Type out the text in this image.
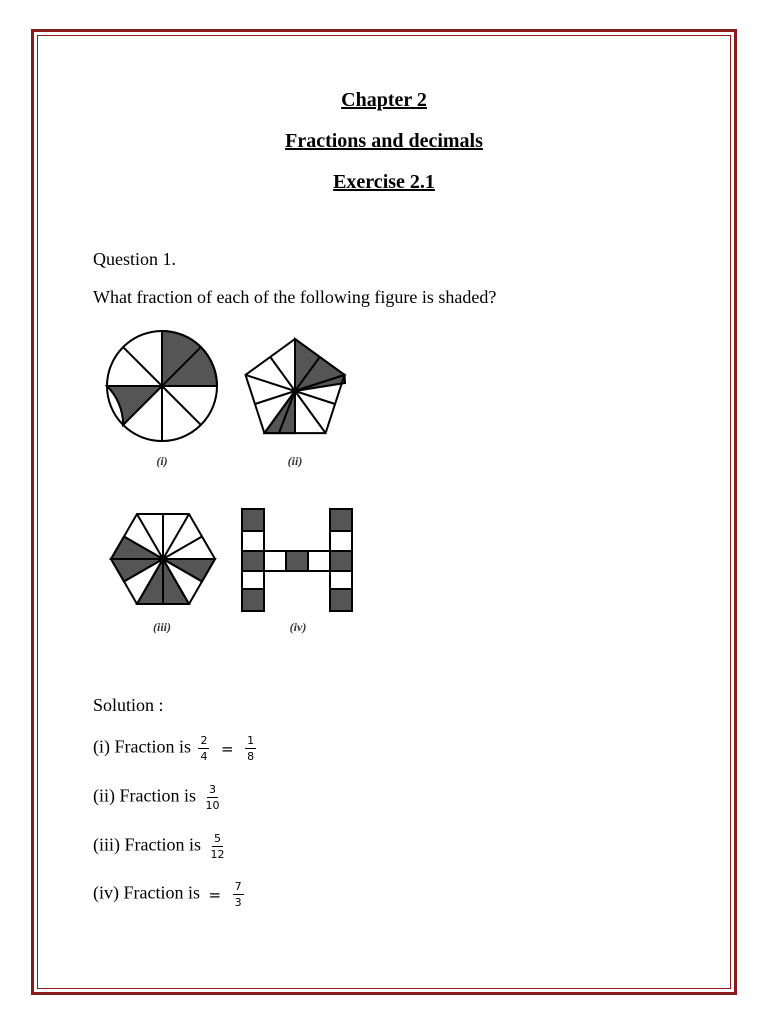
Chapter 2
Fractions and decimals
Exercise 2.1
Question 1.
What fraction of each of the following figure is shaded?
(i)	(ii)
(iii)	(iv)
Solution :
(i) Fraction is $\frac{2}{4} = \frac{1}{8}$
(ii) Fraction is $\frac{3}{10}$
(iii) Fraction is $\frac{5}{12}$
(iv) Fraction is = $\frac{7}{3}$
